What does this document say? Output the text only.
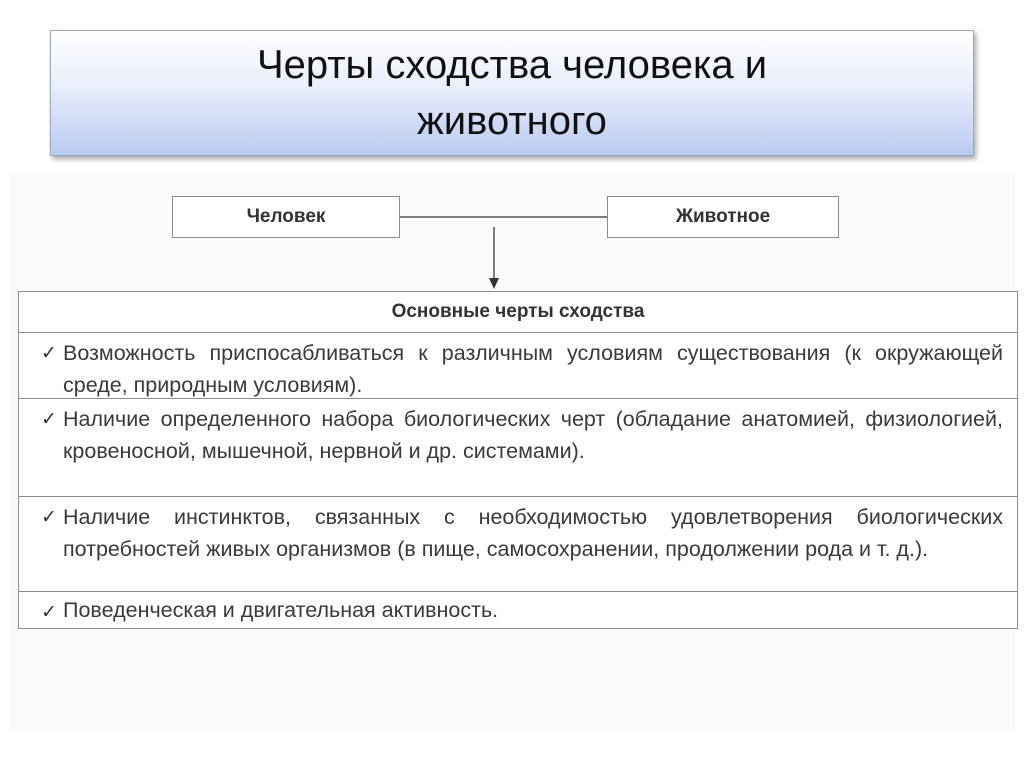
Черты сходства человека и животного
Человек	Животное
Основные черты сходства
✓ Возможность приспосабливаться к различным условиям существования (к окружающей среде, природным условиям).
✓ Наличие определенного набора биологических черт (обладание анатомией, физиологией, кровеносной, мышечной, нервной и др. системами).
✓ Наличие инстинктов, связанных с необходимостью удовлетворения биологических потребностей живых организмов (в пище, самосохранении, продолжении рода и т. д.).
✓ Поведенческая и двигательная активность.
